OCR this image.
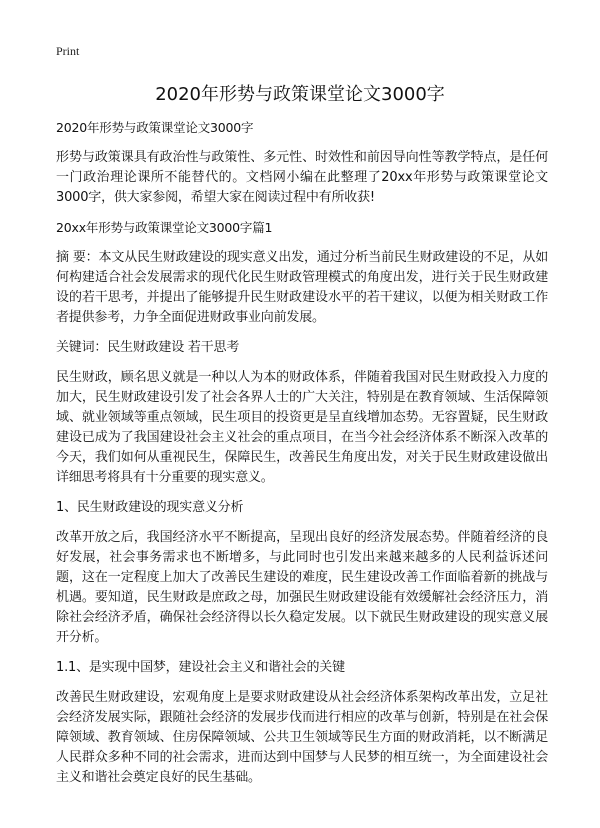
Print
2020年形势与政策课堂论文3000字

2020年形势与政策课堂论文3000字

形势与政策课具有政治性与政策性、多元性、时效性和前因导向性等教学特点，是任何一门政治理论课所不能替代的。文档网小编在此整理了20xx年形势与政策课堂论文3000字，供大家参阅，希望大家在阅读过程中有所收获!

20xx年形势与政策课堂论文3000字篇1

摘 要：本文从民生财政建设的现实意义出发，通过分析当前民生财政建设的不足，从如何构建适合社会发展需求的现代化民生财政管理模式的角度出发，进行关于民生财政建设的若干思考，并提出了能够提升民生财政建设水平的若干建议，以便为相关财政工作者提供参考，力争全面促进财政事业向前发展。

关键词：民生财政建设 若干思考

民生财政，顾名思义就是一种以人为本的财政体系，伴随着我国对民生财政投入力度的加大，民生财政建设引发了社会各界人士的广大关注，特别是在教育领域、生活保障领域、就业领域等重点领域，民生项目的投资更是呈直线增加态势。无容置疑，民生财政建设已成为了我国建设社会主义社会的重点项目，在当今社会经济体系不断深入改革的今天，我们如何从重视民生，保障民生，改善民生角度出发，对关于民生财政建设做出详细思考将具有十分重要的现实意义。

1、民生财政建设的现实意义分析

改革开放之后，我国经济水平不断提高，呈现出良好的经济发展态势。伴随着经济的良好发展，社会事务需求也不断增多，与此同时也引发出来越来越多的人民利益诉述问题，这在一定程度上加大了改善民生建设的难度，民生建设改善工作面临着新的挑战与机遇。要知道，民生财政是庶政之母，加强民生财政建设能有效缓解社会经济压力，消除社会经济矛盾，确保社会经济得以长久稳定发展。以下就民生财政建设的现实意义展开分析。

1.1、是实现中国梦，建设社会主义和谐社会的关键

改善民生财政建设，宏观角度上是要求财政建设从社会经济体系架构改革出发，立足社会经济发展实际，跟随社会经济的发展步伐而进行相应的改革与创新，特别是在社会保障领域、教育领域、住房保障领域、公共卫生领域等民生方面的财政消耗，以不断满足人民群众多种不同的社会需求，进而达到中国梦与人民梦的相互统一，为全面建设社会主义和谐社会奠定良好的民生基础。
